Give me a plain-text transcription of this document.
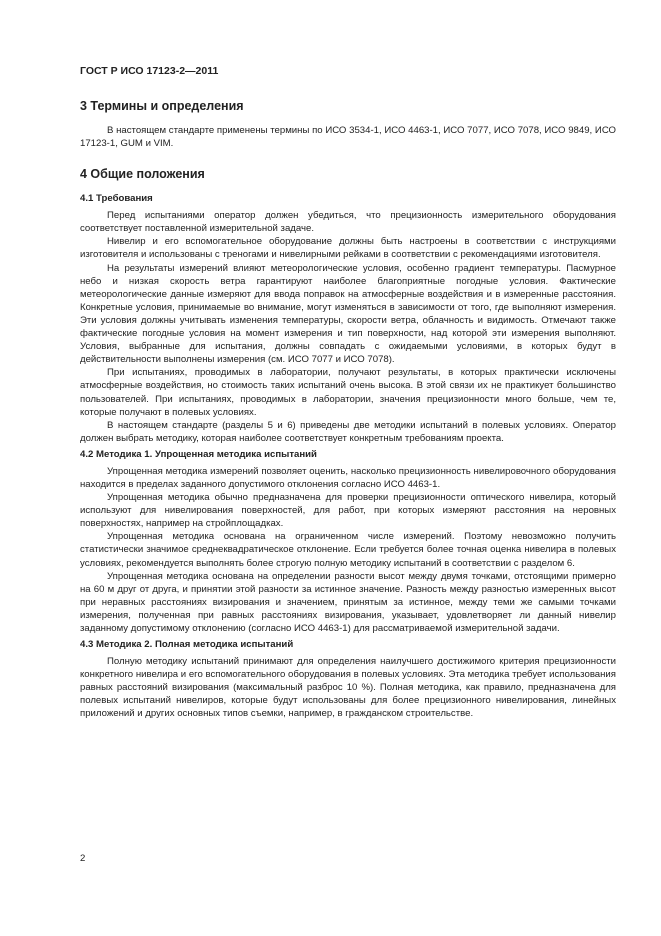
ГОСТ Р ИСО 17123-2—2011
3 Термины и определения

В настоящем стандарте применены термины по ИСО 3534-1, ИСО 4463-1, ИСО 7077, ИСО 7078, ИСО 9849, ИСО 17123-1, GUM и VIM.

4 Общие положения
4.1 Требования

Перед испытаниями оператор должен убедиться, что прецизионность измерительного оборудования соответствует поставленной измерительной задаче.

Нивелир и его вспомогательное оборудование должны быть настроены в соответствии с инструкциями изготовителя и использованы с треногами и нивелирными рейками в соответствии с рекомендациями изготовителя.

На результаты измерений влияют метеорологические условия, особенно градиент температуры. Пасмурное небо и низкая скорость ветра гарантируют наиболее благоприятные погодные условия. Фактические метеорологические данные измеряют для ввода поправок на атмосферные воздействия и в измеренные расстояния. Конкретные условия, принимаемые во внимание, могут изменяться в зависимости от того, где выполняют измерения. Эти условия должны учитывать изменения температуры, скорости ветра, облачность и видимость. Отмечают также фактические погодные условия на момент измерения и тип поверхности, над которой эти измерения выполняют. Условия, выбранные для испытания, должны совпадать с ожидаемыми условиями, в которых будут в действительности выполнены измерения (см. ИСО 7077 и ИСО 7078).

При испытаниях, проводимых в лаборатории, получают результаты, в которых практически исключены атмосферные воздействия, но стоимость таких испытаний очень высока. В этой связи их не практикует большинство пользователей. При испытаниях, проводимых в лаборатории, значения прецизионности много больше, чем те, которые получают в полевых условиях.

В настоящем стандарте (разделы 5 и 6) приведены две методики испытаний в полевых условиях. Оператор должен выбрать методику, которая наиболее соответствует конкретным требованиям проекта.

4.2 Методика 1. Упрощенная методика испытаний

Упрощенная методика измерений позволяет оценить, насколько прецизионность нивелировочного оборудования находится в пределах заданного допустимого отклонения согласно ИСО 4463-1.

Упрощенная методика обычно предназначена для проверки прецизионности оптического нивелира, который используют для нивелирования поверхностей, для работ, при которых измеряют расстояния на неровных поверхностях, например на стройплощадках.

Упрощенная методика основана на ограниченном числе измерений. Поэтому невозможно получить статистически значимое среднеквадратическое отклонение. Если требуется более точная оценка нивелира в полевых условиях, рекомендуется выполнять более строгую полную методику испытаний в соответствии с разделом 6.

Упрощенная методика основана на определении разности высот между двумя точками, отстоящими примерно на 60 м друг от друга, и принятии этой разности за истинное значение. Разность между разностью измеренных высот при неравных расстояниях визирования и значением, принятым за истинное, между теми же самыми точками измерения, полученная при равных расстояниях визирования, указывает, удовлетворяет ли данный нивелир заданному допустимому отклонению (согласно ИСО 4463-1) для рассматриваемой измерительной задачи.

4.3 Методика 2. Полная методика испытаний

Полную методику испытаний принимают для определения наилучшего достижимого критерия прецизионности конкретного нивелира и его вспомогательного оборудования в полевых условиях. Эта методика требует использования равных расстояний визирования (максимальный разброс 10 %). Полная методика, как правило, предназначена для полевых испытаний нивелиров, которые будут использованы для более прецизионного нивелирования, линейных приложений и других основных типов съемки, например, в гражданском строительстве.

2
